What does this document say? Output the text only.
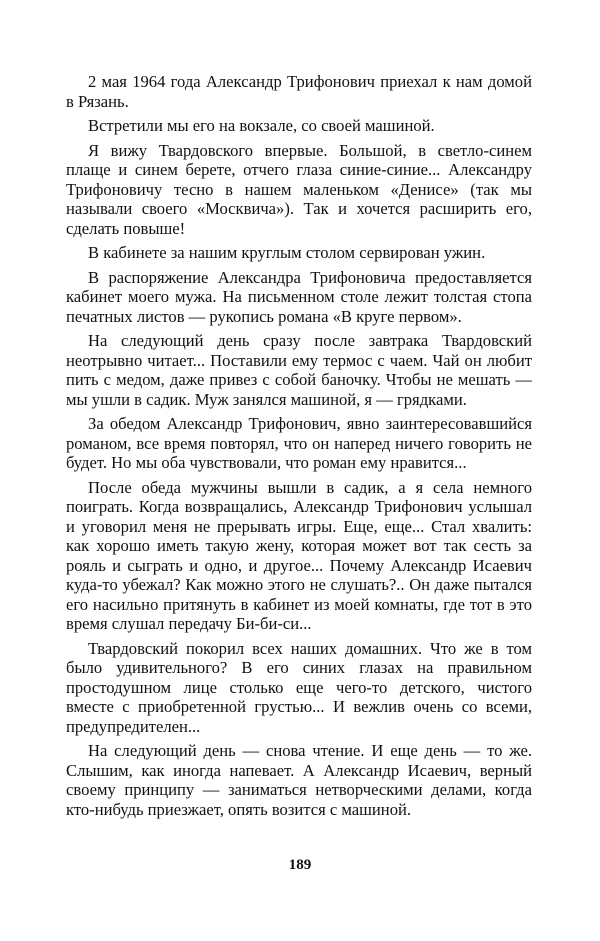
2 мая 1964 года Александр Трифонович приехал к нам домой в Рязань.

Встретили мы его на вокзале, со своей машиной.

Я вижу Твардовского впервые. Большой, в светло-синем плаще и синем берете, отчего глаза синие-синие... Александру Трифоновичу тесно в нашем маленьком «Денисе» (так мы называли своего «Москвича»). Так и хочется расширить его, сделать повыше!

В кабинете за нашим круглым столом сервирован ужин.

В распоряжение Александра Трифоновича предоставляется кабинет моего мужа. На письменном столе лежит толстая стопа печатных листов — рукопись романа «В круге первом».

На следующий день сразу после завтрака Твардовский неотрывно читает... Поставили ему термос с чаем. Чай он любит пить с медом, даже привез с собой баночку. Чтобы не мешать — мы ушли в садик. Муж занялся машиной, я — грядками.

За обедом Александр Трифонович, явно заинтересовавшийся романом, все время повторял, что он наперед ничего говорить не будет. Но мы оба чувствовали, что роман ему нравится...

После обеда мужчины вышли в садик, а я села немного поиграть. Когда возвращались, Александр Трифонович услышал и уговорил меня не прерывать игры. Еще, еще... Стал хвалить: как хорошо иметь такую жену, которая может вот так сесть за рояль и сыграть и одно, и другое... Почему Александр Исаевич куда-то убежал? Как можно этого не слушать?.. Он даже пытался его насильно притянуть в кабинет из моей комнаты, где тот в это время слушал передачу Би-би-си...

Твардовский покорил всех наших домашних. Что же в том было удивительного? В его синих глазах на правильном простодушном лице столько еще чего-то детского, чистого вместе с приобретенной грустью... И вежлив очень со всеми, предупредителен...

На следующий день — снова чтение. И еще день — то же. Слышим, как иногда напевает. А Александр Исаевич, верный своему принципу — заниматься нетворческими делами, когда кто-нибудь приезжает, опять возится с машиной.

189
